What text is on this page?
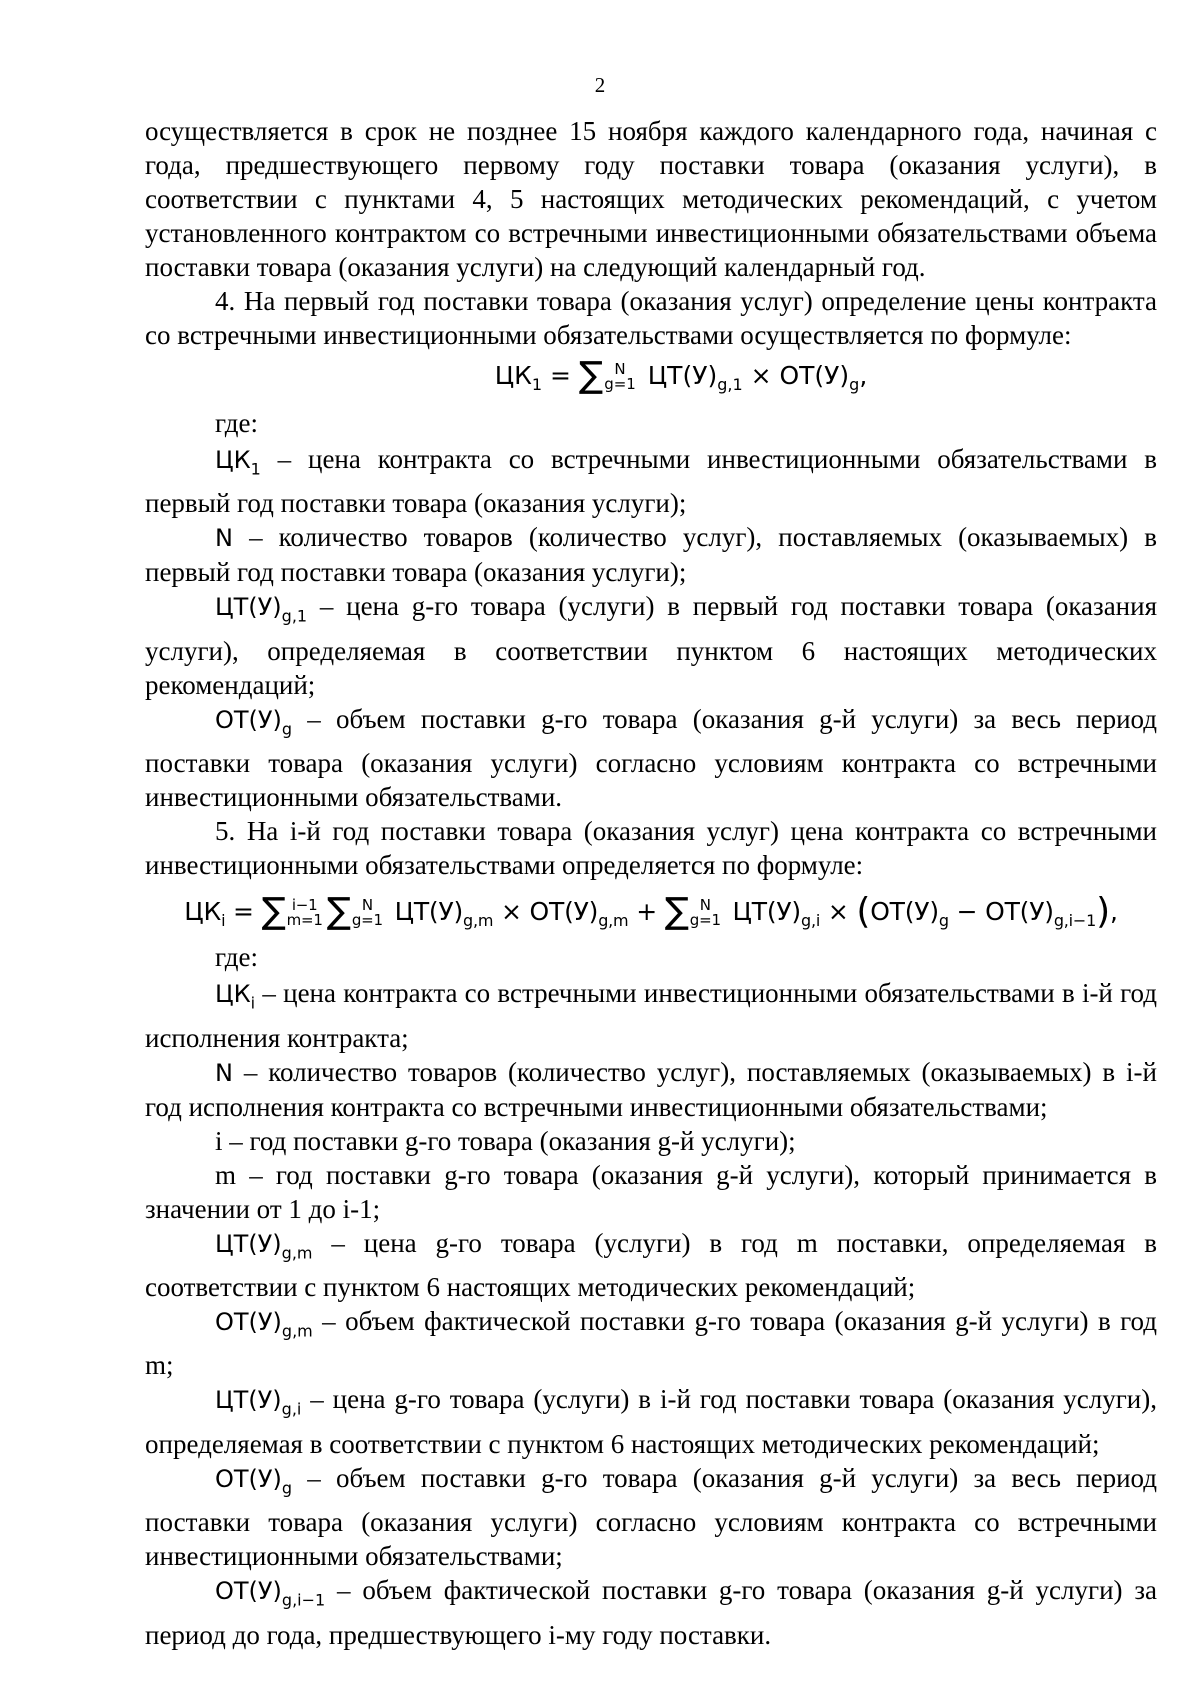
2

осуществляется в срок не позднее 15 ноября каждого календарного года, начиная с года, предшествующего первому году поставки товара (оказания услуги), в соответствии с пунктами 4, 5 настоящих методических рекомендаций, с учетом установленного контрактом со встречными инвестиционными обязательствами объема поставки товара (оказания услуги) на следующий календарный год.

4. На первый год поставки товара (оказания услуг) определение цены контракта со встречными инвестиционными обязательствами осуществляется по формуле:

$ЦК_1$ = ∑ N
g=1 $ЦТ(У)_{g,1} \times ОТ(У)_g$,

где:

$ЦК_1$ – цена контракта со встречными инвестиционными обязательствами в первый год поставки товара (оказания услуги);

N – количество товаров (количество услуг), поставляемых (оказываемых) в первый год поставки товара (оказания услуги);

$ЦТ(У)_{g,1}$ – цена g-го товара (услуги) в первый год поставки товара (оказания услуги), определяемая в соответствии пунктом 6 настоящих методических рекомендаций;

$ОТ(У)_g$ – объем поставки g-го товара (оказания g-й услуги) за весь период поставки товара (оказания услуги) согласно условиям контракта со встречными инвестиционными обязательствами.

5. На i-й год поставки товара (оказания услуг) цена контракта со встречными инвестиционными обязательствами определяется по формуле:

$ЦК_i$ = ∑ i−1
m=1 ∑ N
g=1 $ЦТ(У)_{g,m} \times ОТ(У)_{g,m}$ + ∑ N
g=1 $ЦТ(У)_{g,i} \times (ОТ(У)_g - ОТ(У)_{g,i-1})$,

где:

$ЦК_i$ – цена контракта со встречными инвестиционными обязательствами в i-й год исполнения контракта;

N – количество товаров (количество услуг), поставляемых (оказываемых) в i-й год исполнения контракта со встречными инвестиционными обязательствами;

i – год поставки g-го товара (оказания g-й услуги);

m – год поставки g-го товара (оказания g-й услуги), который принимается в значении от 1 до i-1;

$ЦТ(У)_{g,m}$ – цена g-го товара (услуги) в год m поставки, определяемая в соответствии с пунктом 6 настоящих методических рекомендаций;

$ОТ(У)_{g,m}$ – объем фактической поставки g-го товара (оказания g-й услуги) в год m;

$ЦТ(У)_{g,i}$ – цена g-го товара (услуги) в i-й год поставки товара (оказания услуги), определяемая в соответствии с пунктом 6 настоящих методических рекомендаций;

$ОТ(У)_g$ – объем поставки g-го товара (оказания g-й услуги) за весь период поставки товара (оказания услуги) согласно условиям контракта со встречными инвестиционными обязательствами;

$ОТ(У)_{g,i-1}$ – объем фактической поставки g-го товара (оказания g-й услуги) за период до года, предшествующего i-му году поставки.
